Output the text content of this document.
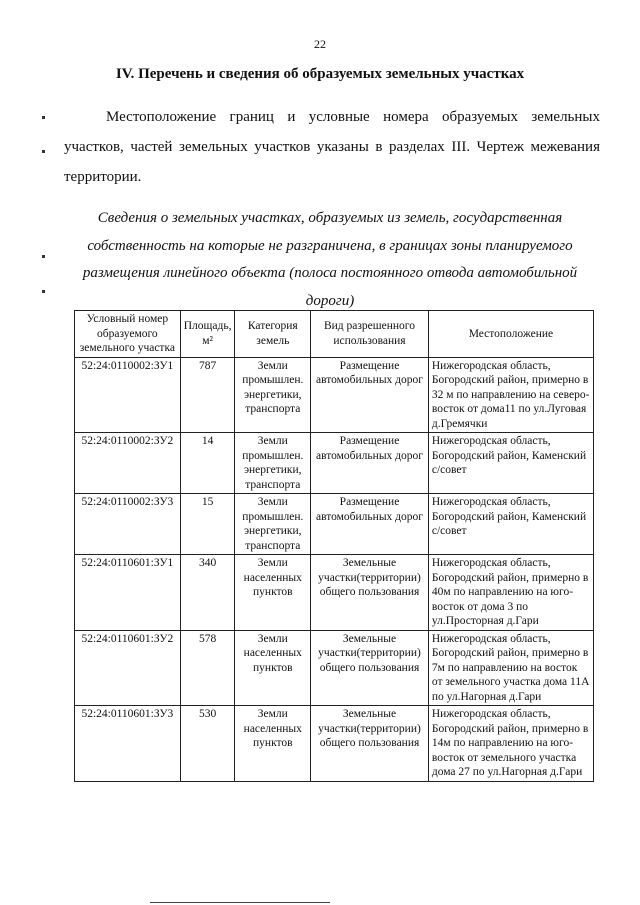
22
IV. Перечень и сведения об образуемых земельных участках

Местоположение границ и условные номера образуемых земельных участков, частей земельных участков указаны в разделах III. Чертеж межевания территории.

Сведения о земельных участках, образуемых из земель, государственная собственность на которые не разграничена, в границах зоны планируемого размещения линейного объекта (полоса постоянного отвода автомобильной дороги)

Условный номер образуемого земельного участка	Площадь, м²	Категория земель	Вид разрешенного использования	Местоположение
52:24:0110002:ЗУ1	787	Земли промышлен. энергетики, транспорта	Размещение автомобильных дорог	Нижегородская область, Богородский район, примерно в 32 м по направлению на северо-восток от дома11 по ул.Луговая д.Гремячки
52:24:0110002:ЗУ2	14	Земли промышлен. энергетики, транспорта	Размещение автомобильных дорог	Нижегородская область, Богородский район, Каменский с/совет
52:24:0110002:ЗУ3	15	Земли промышлен. энергетики, транспорта	Размещение автомобильных дорог	Нижегородская область, Богородский район, Каменский с/совет
52:24:0110601:ЗУ1	340	Земли населенных пунктов	Земельные участки(территории) общего пользования	Нижегородская область, Богородский район, примерно в 40м по направлению на юго-восток от дома 3 по ул.Просторная д.Гари
52:24:0110601:ЗУ2	578	Земли населенных пунктов	Земельные участки(территории) общего пользования	Нижегородская область, Богородский район, примерно в 7м по направлению на восток от земельного участка дома 11А по ул.Нагорная д.Гари
52:24:0110601:ЗУ3	530	Земли населенных пунктов	Земельные участки(территории) общего пользования	Нижегородская область, Богородский район, примерно в 14м по направлению на юго-восток от земельного участка дома 27 по ул.Нагорная д.Гари
